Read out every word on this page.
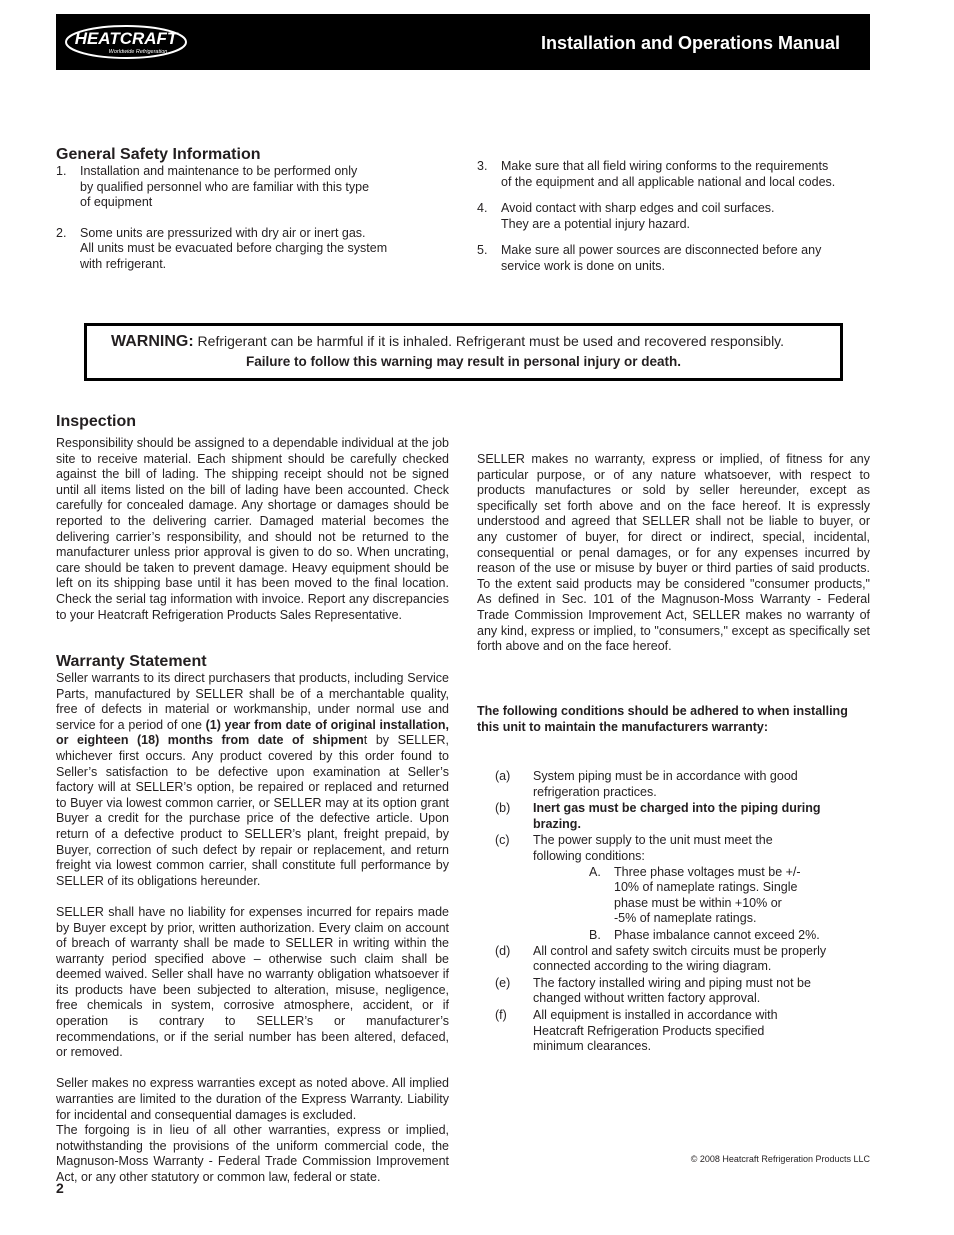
HEATCRAFT
Worldwide Refrigeration	Installation and Operations Manual
General Safety Information
1. Installation and maintenance to be performed only
by qualified personnel who are familiar with this type
of equipment
2. Some units are pressurized with dry air or inert gas.
All units must be evacuated before charging the system
with refrigerant.
3. Make sure that all field wiring conforms to the requirements
of the equipment and all applicable national and local codes.
4. Avoid contact with sharp edges and coil surfaces.
They are a potential injury hazard.
5. Make sure all power sources are disconnected before any
service work is done on units.
WARNING: Refrigerant can be harmful if it is inhaled. Refrigerant must be used and recovered responsibly.
Failure to follow this warning may result in personal injury or death.
Inspection

Responsibility should be assigned to a dependable individual at the job site to receive material. Each shipment should be carefully checked against the bill of lading. The shipping receipt should not be signed until all items listed on the bill of lading have been accounted. Check carefully for concealed damage. Any shortage or damages should be reported to the delivering carrier. Damaged material becomes the delivering carrier’s responsibility, and should not be returned to the manufacturer unless prior approval is given to do so. When uncrating, care should be taken to prevent damage. Heavy equipment should be left on its shipping base until it has been moved to the final location. Check the serial tag information with invoice. Report any discrepancies to your Heatcraft Refrigeration Products Sales Representative.

Warranty Statement

Seller warrants to its direct purchasers that products, including Service Parts, manufactured by SELLER shall be of a merchantable quality, free of defects in material or workmanship, under normal use and service for a period of one (1) year from date of original installation, or eighteen (18) months from date of shipment by SELLER, whichever first occurs. Any product covered by this order found to Seller’s satisfaction to be defective upon examination at Seller’s factory will at SELLER’s option, be repaired or replaced and returned to Buyer via lowest common carrier, or SELLER may at its option grant Buyer a credit for the purchase price of the defective article. Upon return of a defective product to SELLER’s plant, freight prepaid, by Buyer, correction of such defect by repair or replacement, and return freight via lowest common carrier, shall constitute full performance by SELLER of its obligations hereunder.

SELLER shall have no liability for expenses incurred for repairs made by Buyer except by prior, written authorization. Every claim on account of breach of warranty shall be made to SELLER in writing within the warranty period specified above – otherwise such claim shall be deemed waived. Seller shall have no warranty obligation whatsoever if its products have been subjected to alteration, misuse, negligence, free chemicals in system, corrosive atmosphere, accident, or if operation is contrary to SELLER’s or manufacturer’s recommendations, or if the serial number has been altered, defaced, or removed.

Seller makes no express warranties except as noted above. All implied warranties are limited to the duration of the Express Warranty. Liability for incidental and consequential damages is excluded.

The forgoing is in lieu of all other warranties, express or implied, notwithstanding the provisions of the uniform commercial code, the Magnuson-Moss Warranty - Federal Trade Commission Improvement Act, or any other statutory or common law, federal or state.

SELLER makes no warranty, express or implied, of fitness for any particular purpose, or of any nature whatsoever, with respect to products manufactures or sold by seller hereunder, except as specifically set forth above and on the face hereof. It is expressly understood and agreed that SELLER shall not be liable to buyer, or any customer of buyer, for direct or indirect, special, incidental, consequential or penal damages, or for any expenses incurred by reason of the use or misuse by buyer or third parties of said products. To the extent said products may be considered "consumer products," As defined in Sec. 101 of the Magnuson-Moss Warranty - Federal Trade Commission Improvement Act, SELLER makes no warranty of any kind, express or implied, to "consumers," except as specifically set forth above and on the face hereof.
The following conditions should be adhered to when installing this unit to maintain the manufacturers warranty:
(a) System piping must be in accordance with good refrigeration practices.
(b) Inert gas must be charged into the piping during brazing.
(c) The power supply to the unit must meet the following conditions:
A. Three phase voltages must be +/-
10% of nameplate ratings. Single
phase must be within +10% or
-5% of nameplate ratings.
B. Phase imbalance cannot exceed 2%.
(d) All control and safety switch circuits must be properly connected according to the wiring diagram.
(e) The factory installed wiring and piping must not be changed without written factory approval.
(f) All equipment is installed in accordance with Heatcraft Refrigeration Products specified minimum clearances.
© 2008 Heatcraft Refrigeration Products LLC
2
